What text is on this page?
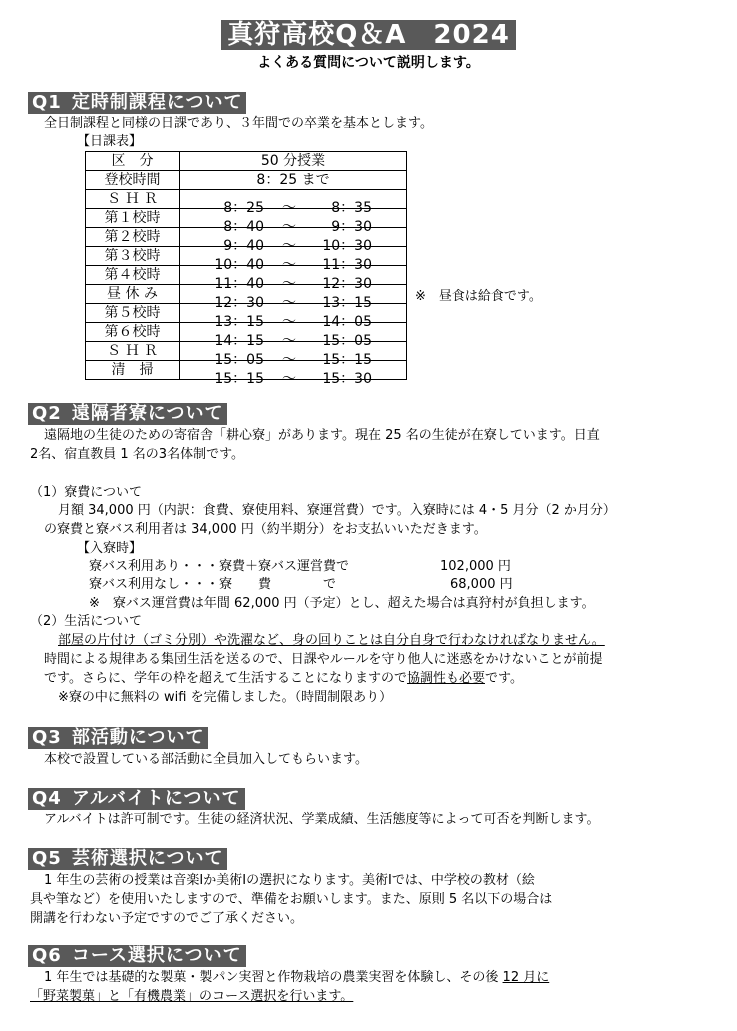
真狩高校Q＆A　2024
よくある質問について説明します。
Q1 定時制課程について
全日制課程と同様の日課であり、３年間での卒業を基本とします。
【日課表】
区　分	50 分授業
登校時間	8：25 まで
Ｓ Ｈ Ｒ	8：25 ～ 8：35

第１校時	8：40 ～ 9：30

第２校時	9：40 ～ 10：30

第３校時	10：40 ～ 11：30

第４校時	11：40 ～ 12：30

昼 休 み	12：30 ～ 13：15

第５校時	13：15 ～ 14：05

第６校時	14：15 ～ 15：05

Ｓ Ｈ Ｒ	15：05 ～ 15：15

清　掃	15：15 ～ 15：30
※　昼食は給食です。
Q2 遠隔者寮について
遠隔地の生徒のための寄宿舎「耕心寮」があります。現在 25 名の生徒が在寮しています。日直
2名、宿直教員 1 名の3名体制です。
（1）寮費について
月額 34,000 円（内訳：食費、寮使用料、寮運営費）です。入寮時には 4・5 月分（2 か月分）
の寮費と寮バス利用者は 34,000 円（約半期分）をお支払いいただきます。
【入寮時】
寮バス利用あり・・・寮費＋寮バス運営費で	102,000 円
寮バス利用なし・・・寮　　費　　　　で	68,000 円
※　寮バス運営費は年間 62,000 円（予定）とし、超えた場合は真狩村が負担します。
（2）生活について
部屋の片付け（ゴミ分別）や洗濯など、身の回りことは自分自身で行わなければなりません。
時間による規律ある集団生活を送るので、日課やルールを守り他人に迷惑をかけないことが前提
です。さらに、学年の枠を超えて生活することになりますので協調性も必要です。
※寮の中に無料の wifi を完備しました。（時間制限あり）
Q3 部活動について
本校で設置している部活動に全員加入してもらいます。
Q4 アルバイトについて
アルバイトは許可制です。生徒の経済状況、学業成績、生活態度等によって可否を判断します。
Q5 芸術選択について
1 年生の芸術の授業は音楽Ⅰか美術Ⅰの選択になります。美術Ⅰでは、中学校の教材（絵
具や筆など）を使用いたしますので、準備をお願いします。また、原則 5 名以下の場合は
開講を行わない予定ですのでご了承ください。
Q6 コース選択について
1 年生では基礎的な製菓・製パン実習と作物栽培の農業実習を体験し、その後 12 月に
「野菜製菓」と「有機農業」のコース選択を行います。
